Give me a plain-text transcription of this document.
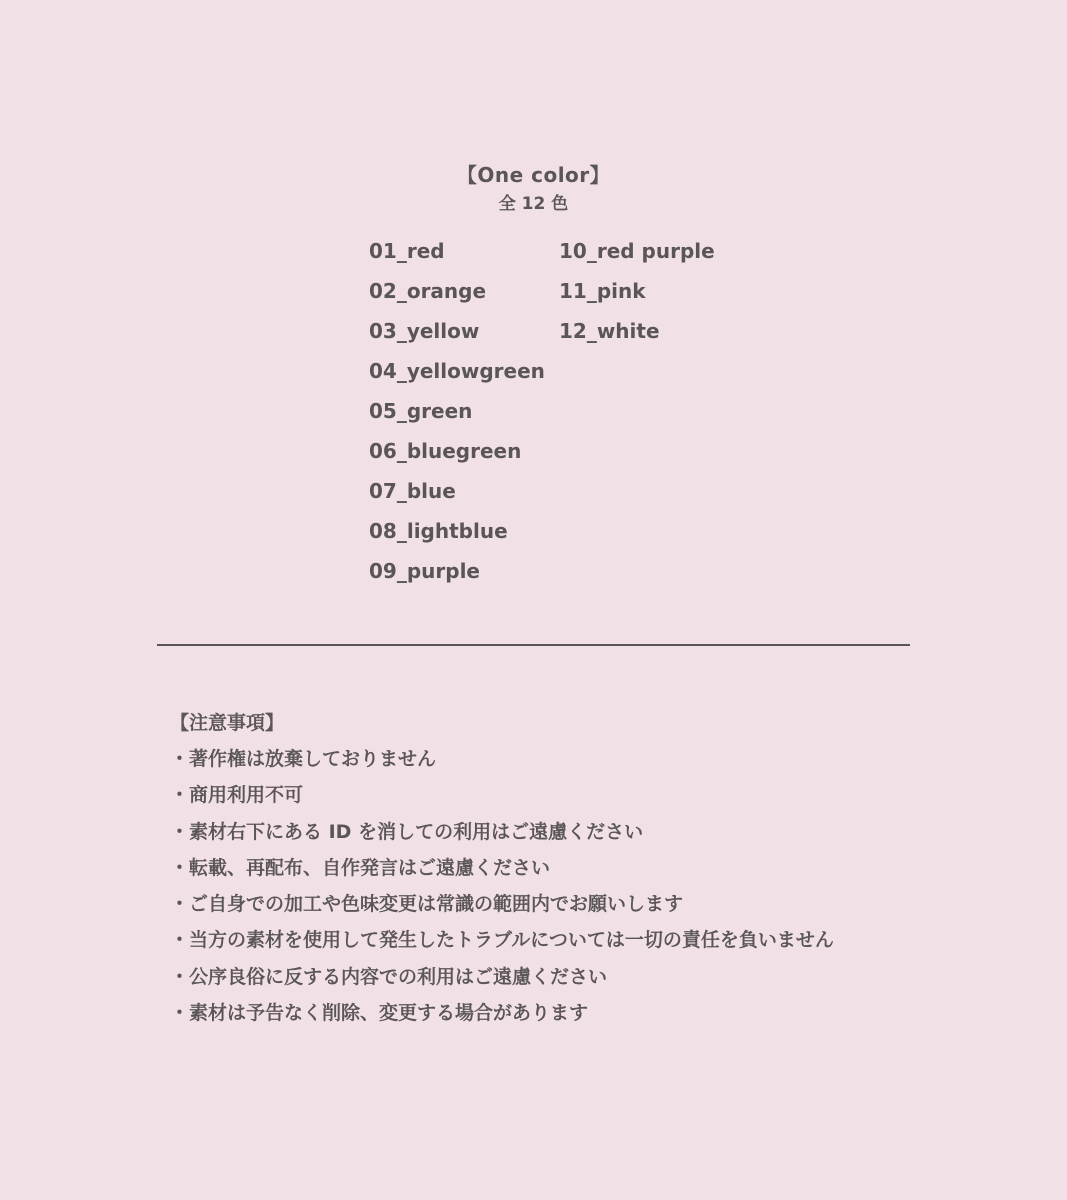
【One color】
全 12 色
01_red
02_orange
03_yellow
04_yellowgreen
05_green
06_bluegreen
07_blue
08_lightblue
09_purple
10_red purple
11_pink
12_white
【注意事項】
・著作権は放棄しておりません
・商用利用不可
・素材右下にある ID を消しての利用はご遠慮ください
・転載、再配布、自作発言はご遠慮ください
・ご自身での加工や色味変更は常識の範囲内でお願いします
・当方の素材を使用して発生したトラブルについては一切の責任を負いません
・公序良俗に反する内容での利用はご遠慮ください
・素材は予告なく削除、変更する場合があります
